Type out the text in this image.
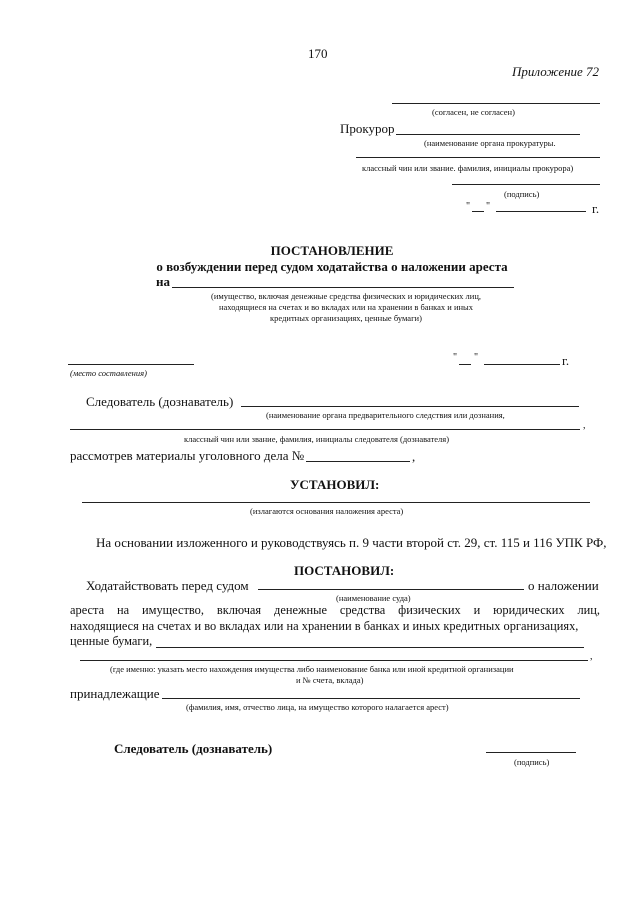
170
Приложение 72
(согласен, не согласен)
Прокурор
(наименование органа прокуратуры.
классный чин или звание. фамилия, инициалы прокурора)
(подпись)
" "	г.
ПОСТАНОВЛЕНИЕ
о возбуждении перед судом ходатайства о наложении ареста
на
(имущество, включая денежные средства физических и юридических лиц,
находящиеся на счетах и во вкладах или на хранении в банках и иных
кредитных организациях, ценные бумаги)
(место составления)
" "	г.
Следователь (дознаватель)
(наименование органа предварительного следствия или дознания,
,
классный чин или звание, фамилия, инициалы следователя (дознавателя)
рассмотрев материалы уголовного дела №	,
УСТАНОВИЛ:
(излагаются основания наложения ареста)
На основании изложенного и руководствуясь п. 9 части второй ст. 29, ст. 115 и 116 УПК РФ,
ПОСТАНОВИЛ:
Ходатайствовать перед судом	о наложении
(наименование суда)
ареста на имущество, включая денежные средства физических и юридических лиц,
находящиеся на счетах и во вкладах или на хранении в банках и иных кредитных организациях,
ценные бумаги,
,
(где именно: указать место нахождения имущества либо наименование банка или иной кредитной организации
и № счета, вклада)
принадлежащие
(фамилия, имя, отчество лица, на имущество которого налагается арест)
Следователь (дознаватель)
(подпись)
